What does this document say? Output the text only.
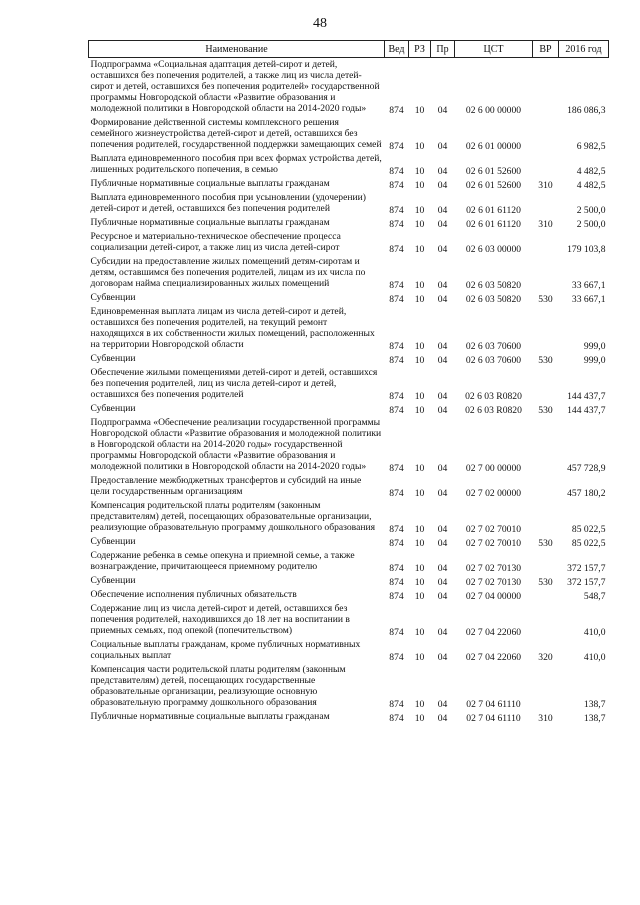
48
Наименование	Вед	РЗ	Пр	ЦСТ	ВР	2016 год
Подпрограмма «Социальная адаптация детей-сирот и детей, оставшихся без попечения родителей, а также лиц из числа детей-сирот и детей, оставшихся без попечения родителей» государственной программы Новгородской области «Развитие образования и молодежной политики в Новгородской области на 2014-2020 годы»	874	10	04	02 6 00 00000		186 086,3
Формирование действенной системы комплексного решения семейного жизнеустройства детей-сирот и детей, оставшихся без попечения родителей, государственной поддержки замещающих семей	874	10	04	02 6 01 00000		6 982,5
Выплата единовременного пособия при всех формах устройства детей, лишенных родительского попечения, в семью	874	10	04	02 6 01 52600		4 482,5
Публичные нормативные социальные выплаты гражданам	874	10	04	02 6 01 52600	310	4 482,5
Выплата единовременного пособия при усыновлении (удочерении) детей-сирот и детей, оставшихся без попечения родителей	874	10	04	02 6 01 61120		2 500,0
Публичные нормативные социальные выплаты гражданам	874	10	04	02 6 01 61120	310	2 500,0
Ресурсное и материально-техническое обеспечение процесса социализации детей-сирот, а также лиц из числа детей-сирот	874	10	04	02 6 03 00000		179 103,8
Субсидии на предоставление жилых помещений детям-сиротам и детям, оставшимся без попечения родителей, лицам из их числа по договорам найма специализированных жилых помещений	874	10	04	02 6 03 50820		33 667,1
Субвенции	874	10	04	02 6 03 50820	530	33 667,1
Единовременная выплата лицам из числа детей-сирот и детей, оставшихся без попечения родителей, на текущий ремонт находящихся в их собственности жилых помещений, расположенных на территории Новгородской области	874	10	04	02 6 03 70600		999,0
Субвенции	874	10	04	02 6 03 70600	530	999,0
Обеспечение жилыми помещениями детей-сирот и детей, оставшихся без попечения родителей, лиц из числа детей-сирот и детей, оставшихся без попечения родителей	874	10	04	02 6 03 R0820		144 437,7
Субвенции	874	10	04	02 6 03 R0820	530	144 437,7
Подпрограмма «Обеспечение реализации государственной программы Новгородской области «Развитие образования и молодежной политики в Новгородской области на 2014-2020 годы» государственной программы Новгородской области «Развитие образования и молодежной политики в Новгородской области на 2014-2020 годы»	874	10	04	02 7 00 00000		457 728,9
Предоставление межбюджетных трансфертов и субсидий на иные цели государственным организациям	874	10	04	02 7 02 00000		457 180,2
Компенсация родительской платы родителям (законным представителям) детей, посещающих образовательные организации, реализующие образовательную программу дошкольного образования	874	10	04	02 7 02 70010		85 022,5
Субвенции	874	10	04	02 7 02 70010	530	85 022,5
Содержание ребенка в семье опекуна и приемной семье, а также вознаграждение, причитающееся приемному родителю	874	10	04	02 7 02 70130		372 157,7
Субвенции	874	10	04	02 7 02 70130	530	372 157,7
Обеспечение исполнения публичных обязательств	874	10	04	02 7 04 00000		548,7
Содержание лиц из числа детей-сирот и детей, оставшихся без попечения родителей, находившихся до 18 лет на воспитании в приемных семьях, под опекой (попечительством)	874	10	04	02 7 04 22060		410,0
Социальные выплаты гражданам, кроме публичных нормативных социальных выплат	874	10	04	02 7 04 22060	320	410,0
Компенсация части родительской платы родителям (законным представителям) детей, посещающих государственные образовательные организации, реализующие основную образовательную программу дошкольного образования	874	10	04	02 7 04 61110		138,7
Публичные нормативные социальные выплаты гражданам	874	10	04	02 7 04 61110	310	138,7
